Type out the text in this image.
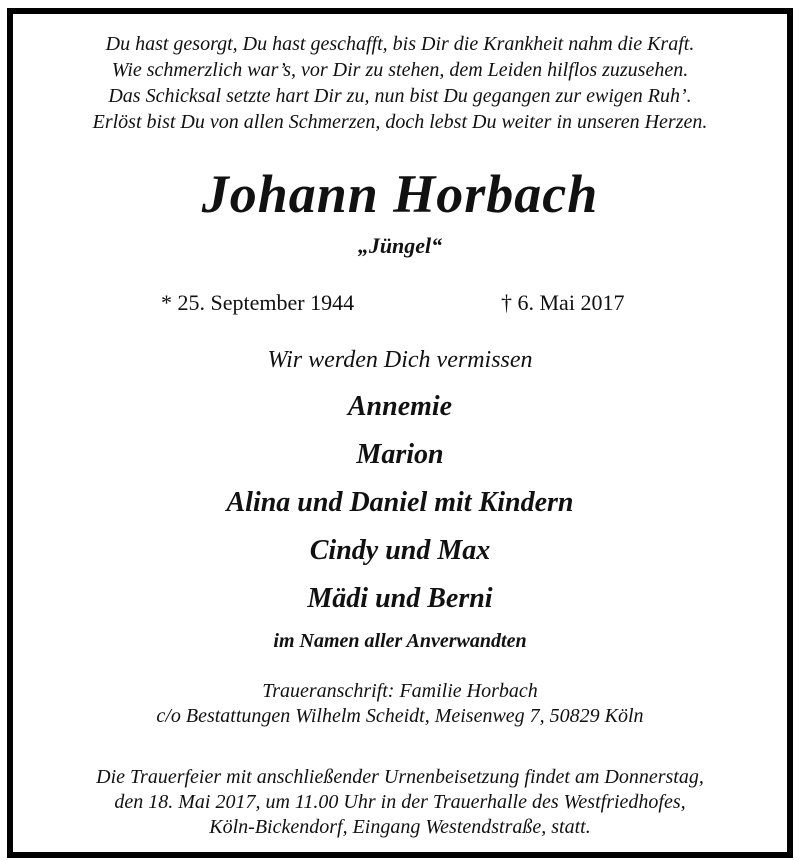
Du hast gesorgt, Du hast geschafft, bis Dir die Krankheit nahm die Kraft.
Wie schmerzlich war’s, vor Dir zu stehen, dem Leiden hilflos zuzusehen.
Das Schicksal setzte hart Dir zu, nun bist Du gegangen zur ewigen Ruh’.
Erlöst bist Du von allen Schmerzen, doch lebst Du weiter in unseren Herzen.
Johann Horbach
„Jüngel“
* 25. September 1944	† 6. Mai 2017
Wir werden Dich vermissen
Annemie
Marion
Alina und Daniel mit Kindern
Cindy und Max
Mädi und Berni
im Namen aller Anverwandten
Traueranschrift: Familie Horbach
c/o Bestattungen Wilhelm Scheidt, Meisenweg 7, 50829 Köln
Die Trauerfeier mit anschließender Urnenbeisetzung findet am Donnerstag,
den 18. Mai 2017, um 11.00 Uhr in der Trauerhalle des Westfriedhofes,
Köln-Bickendorf, Eingang Westendstraße, statt.
